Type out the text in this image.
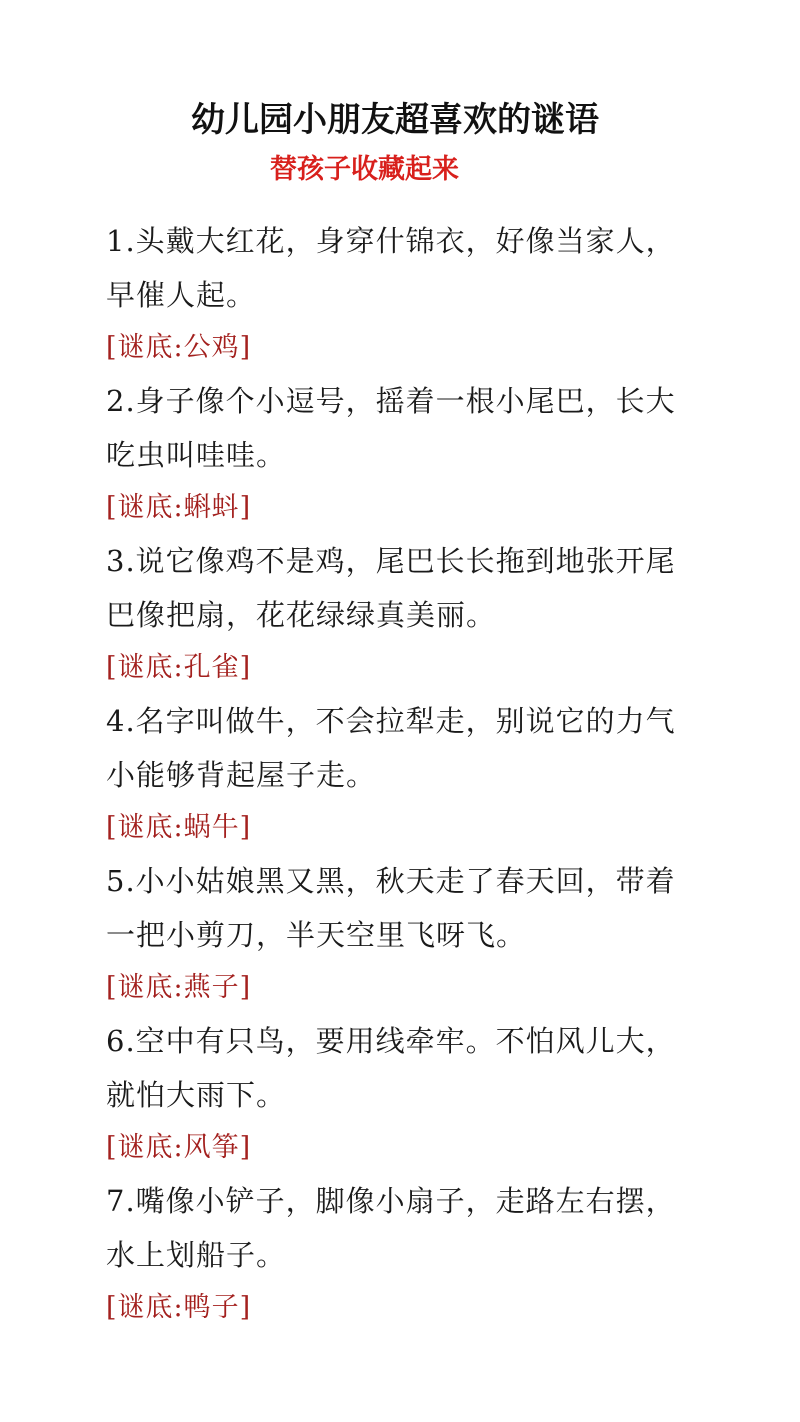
幼儿园小朋友超喜欢的谜语
替孩子收藏起来

1.头戴大红花，身穿什锦衣，好像当家人，早催人起。

[谜底:公鸡]

2.身子像个小逗号，摇着一根小尾巴，长大吃虫叫哇哇。

[谜底:蝌蚪]

3.说它像鸡不是鸡，尾巴长长拖到地张开尾巴像把扇，花花绿绿真美丽。

[谜底:孔雀]

4.名字叫做牛，不会拉犁走，别说它的力气小能够背起屋子走。

[谜底:蜗牛]

5.小小姑娘黑又黑，秋天走了春天回，带着一把小剪刀，半天空里飞呀飞。

[谜底:燕子]

6.空中有只鸟，要用线牵牢。不怕风儿大，就怕大雨下。

[谜底:风筝]

7.嘴像小铲子，脚像小扇子，走路左右摆，水上划船子。

[谜底:鸭子]
